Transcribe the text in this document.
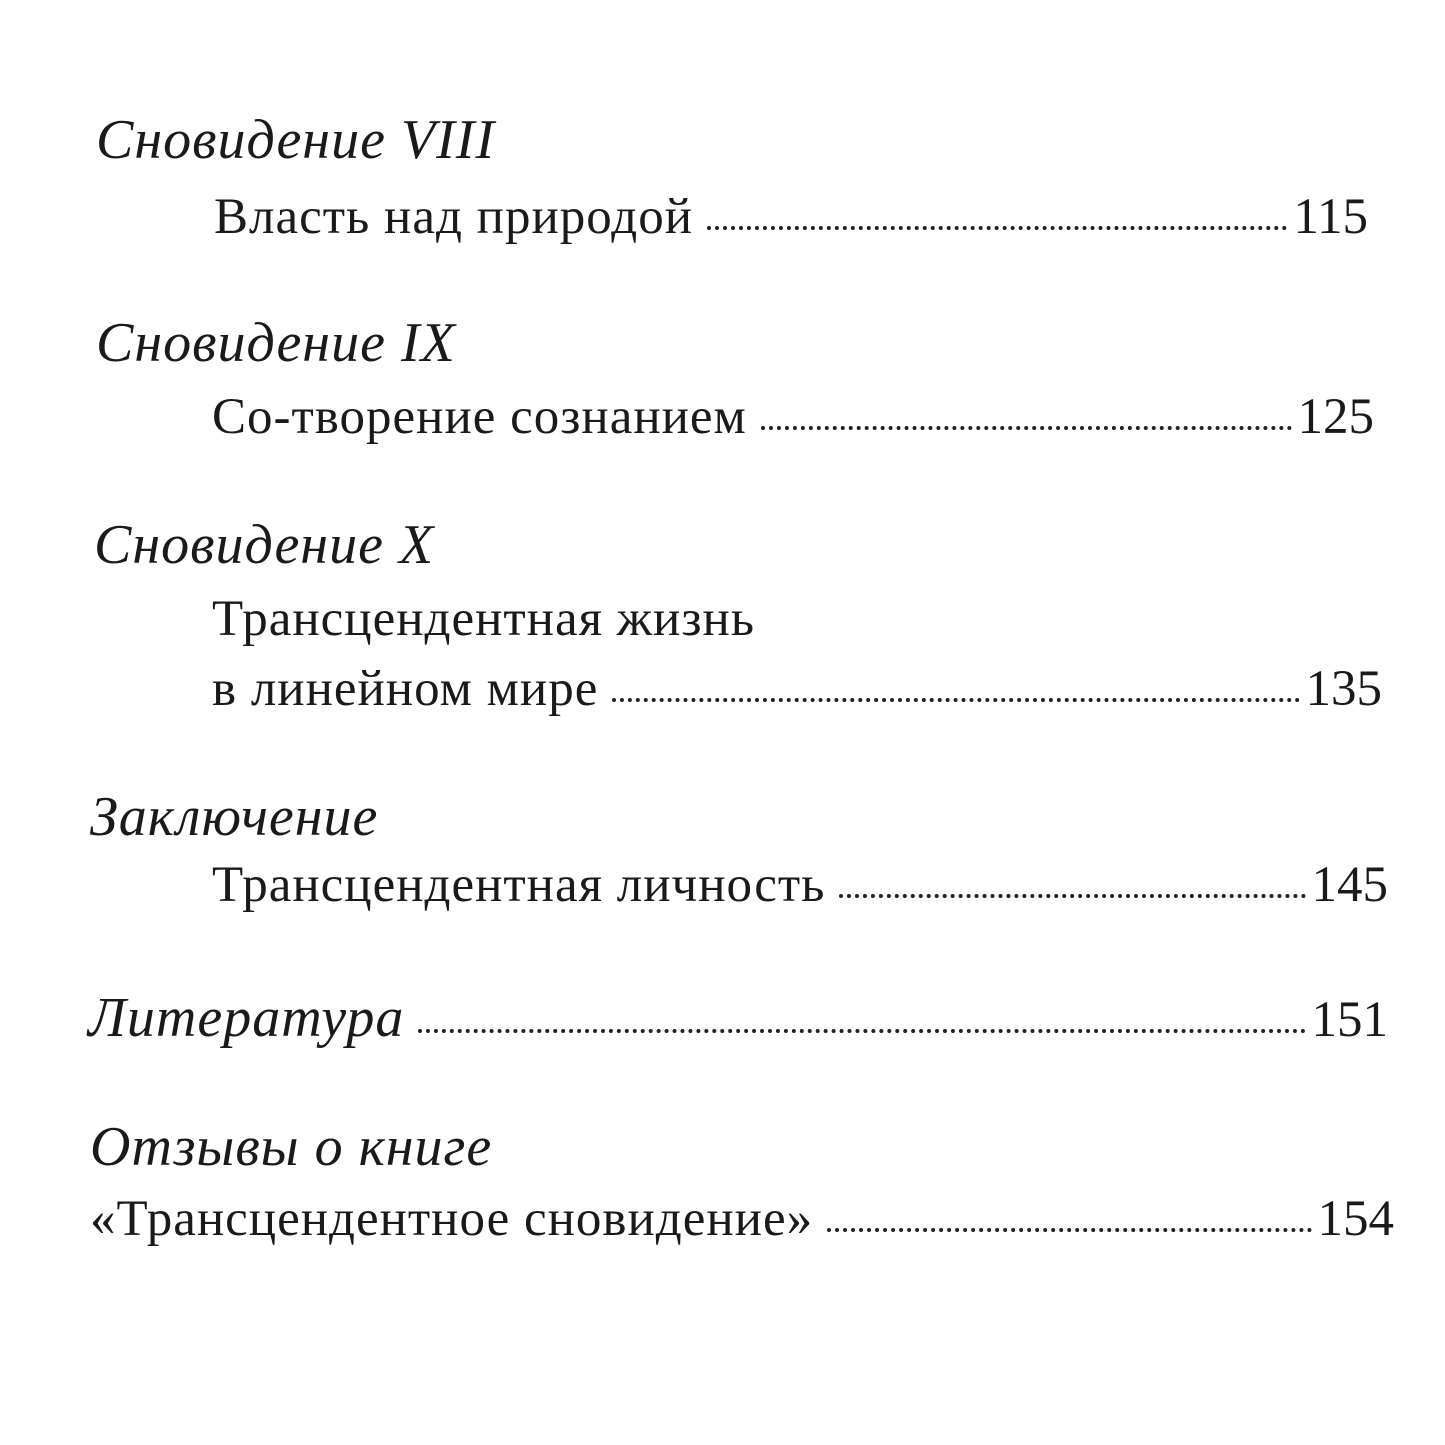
Сновидение VIII
Власть над природой	115
Сновидение IX
Со-творение сознанием	125
Сновидение X
Трансцендентная жизнь
в линейном мире	135
Заключение
Трансцендентная личность	145
Литература	151
Отзывы о книге
«Трансцендентное сновидение»	154
